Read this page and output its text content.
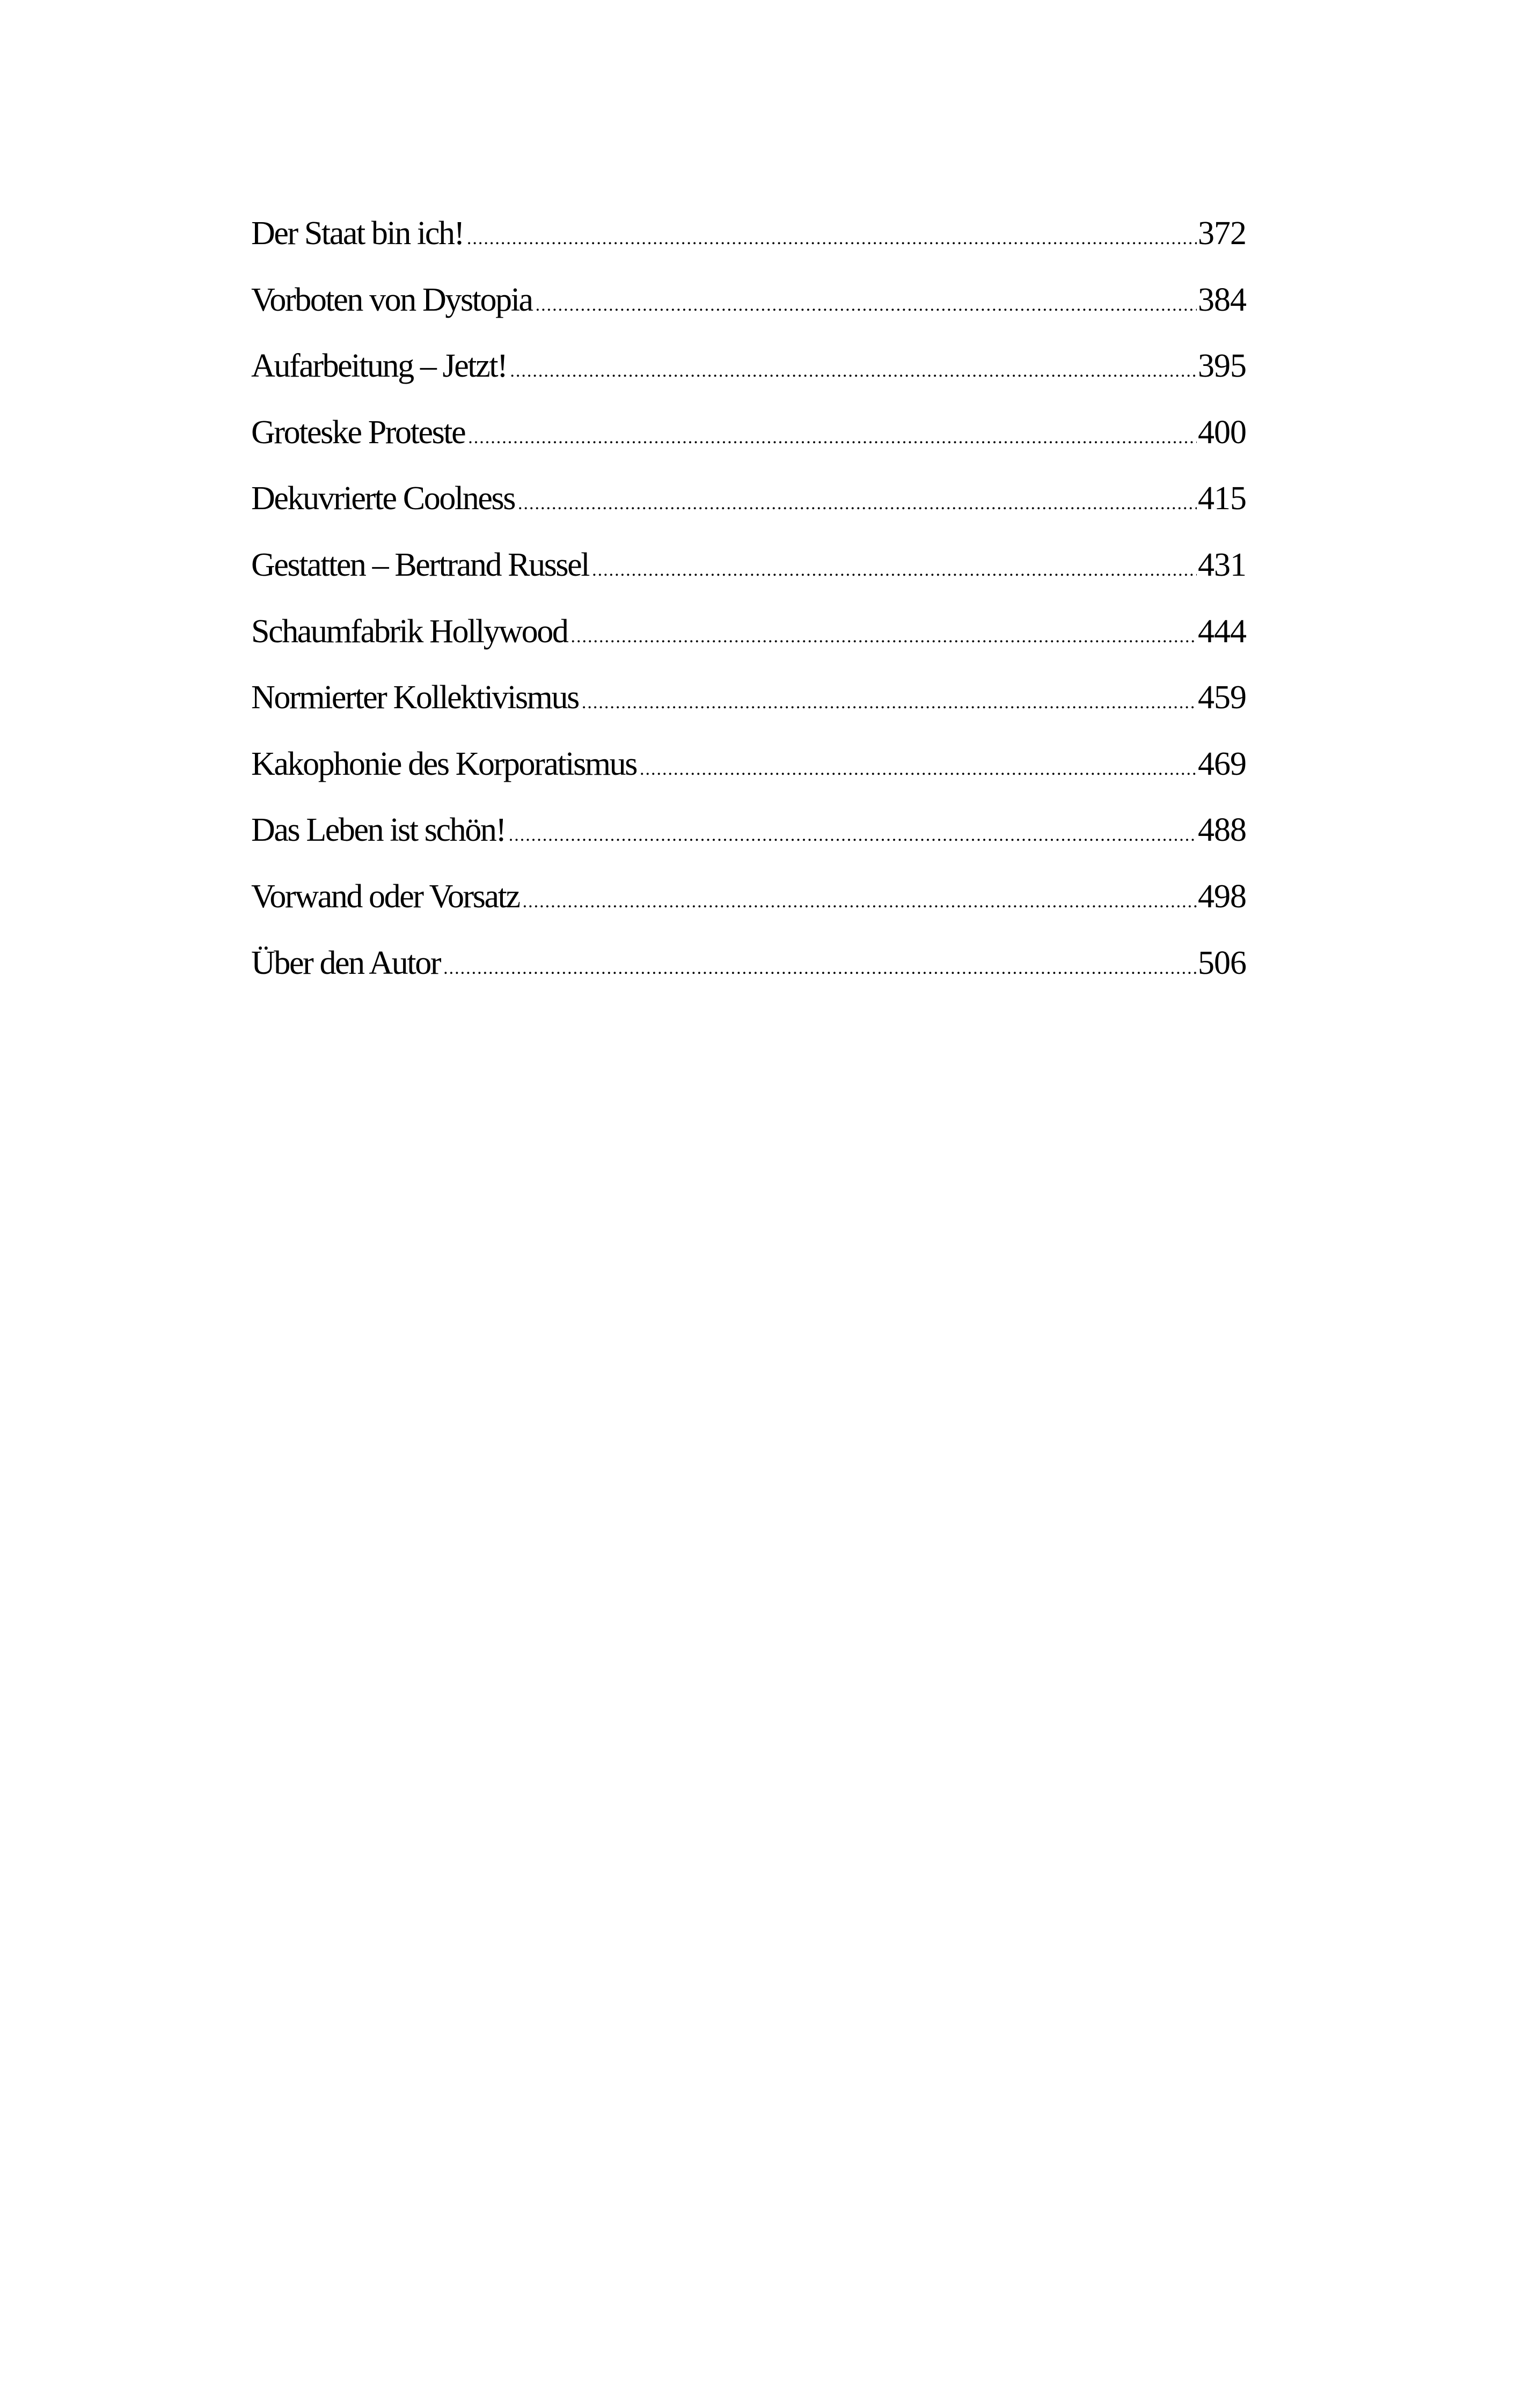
Der Staat bin ich! .....	372
Vorboten von Dystopia .....	384
Aufarbeitung – Jetzt! .....	395
Groteske Proteste .....	400
Dekuvrierte Coolness .....	415
Gestatten – Bertrand Russel .....	431
Schaumfabrik Hollywood .....	444
Normierter Kollektivismus .....	459
Kakophonie des Korporatismus .....	469
Das Leben ist schön! .....	488
Vorwand oder Vorsatz .....	498
Über den Autor .....	506
